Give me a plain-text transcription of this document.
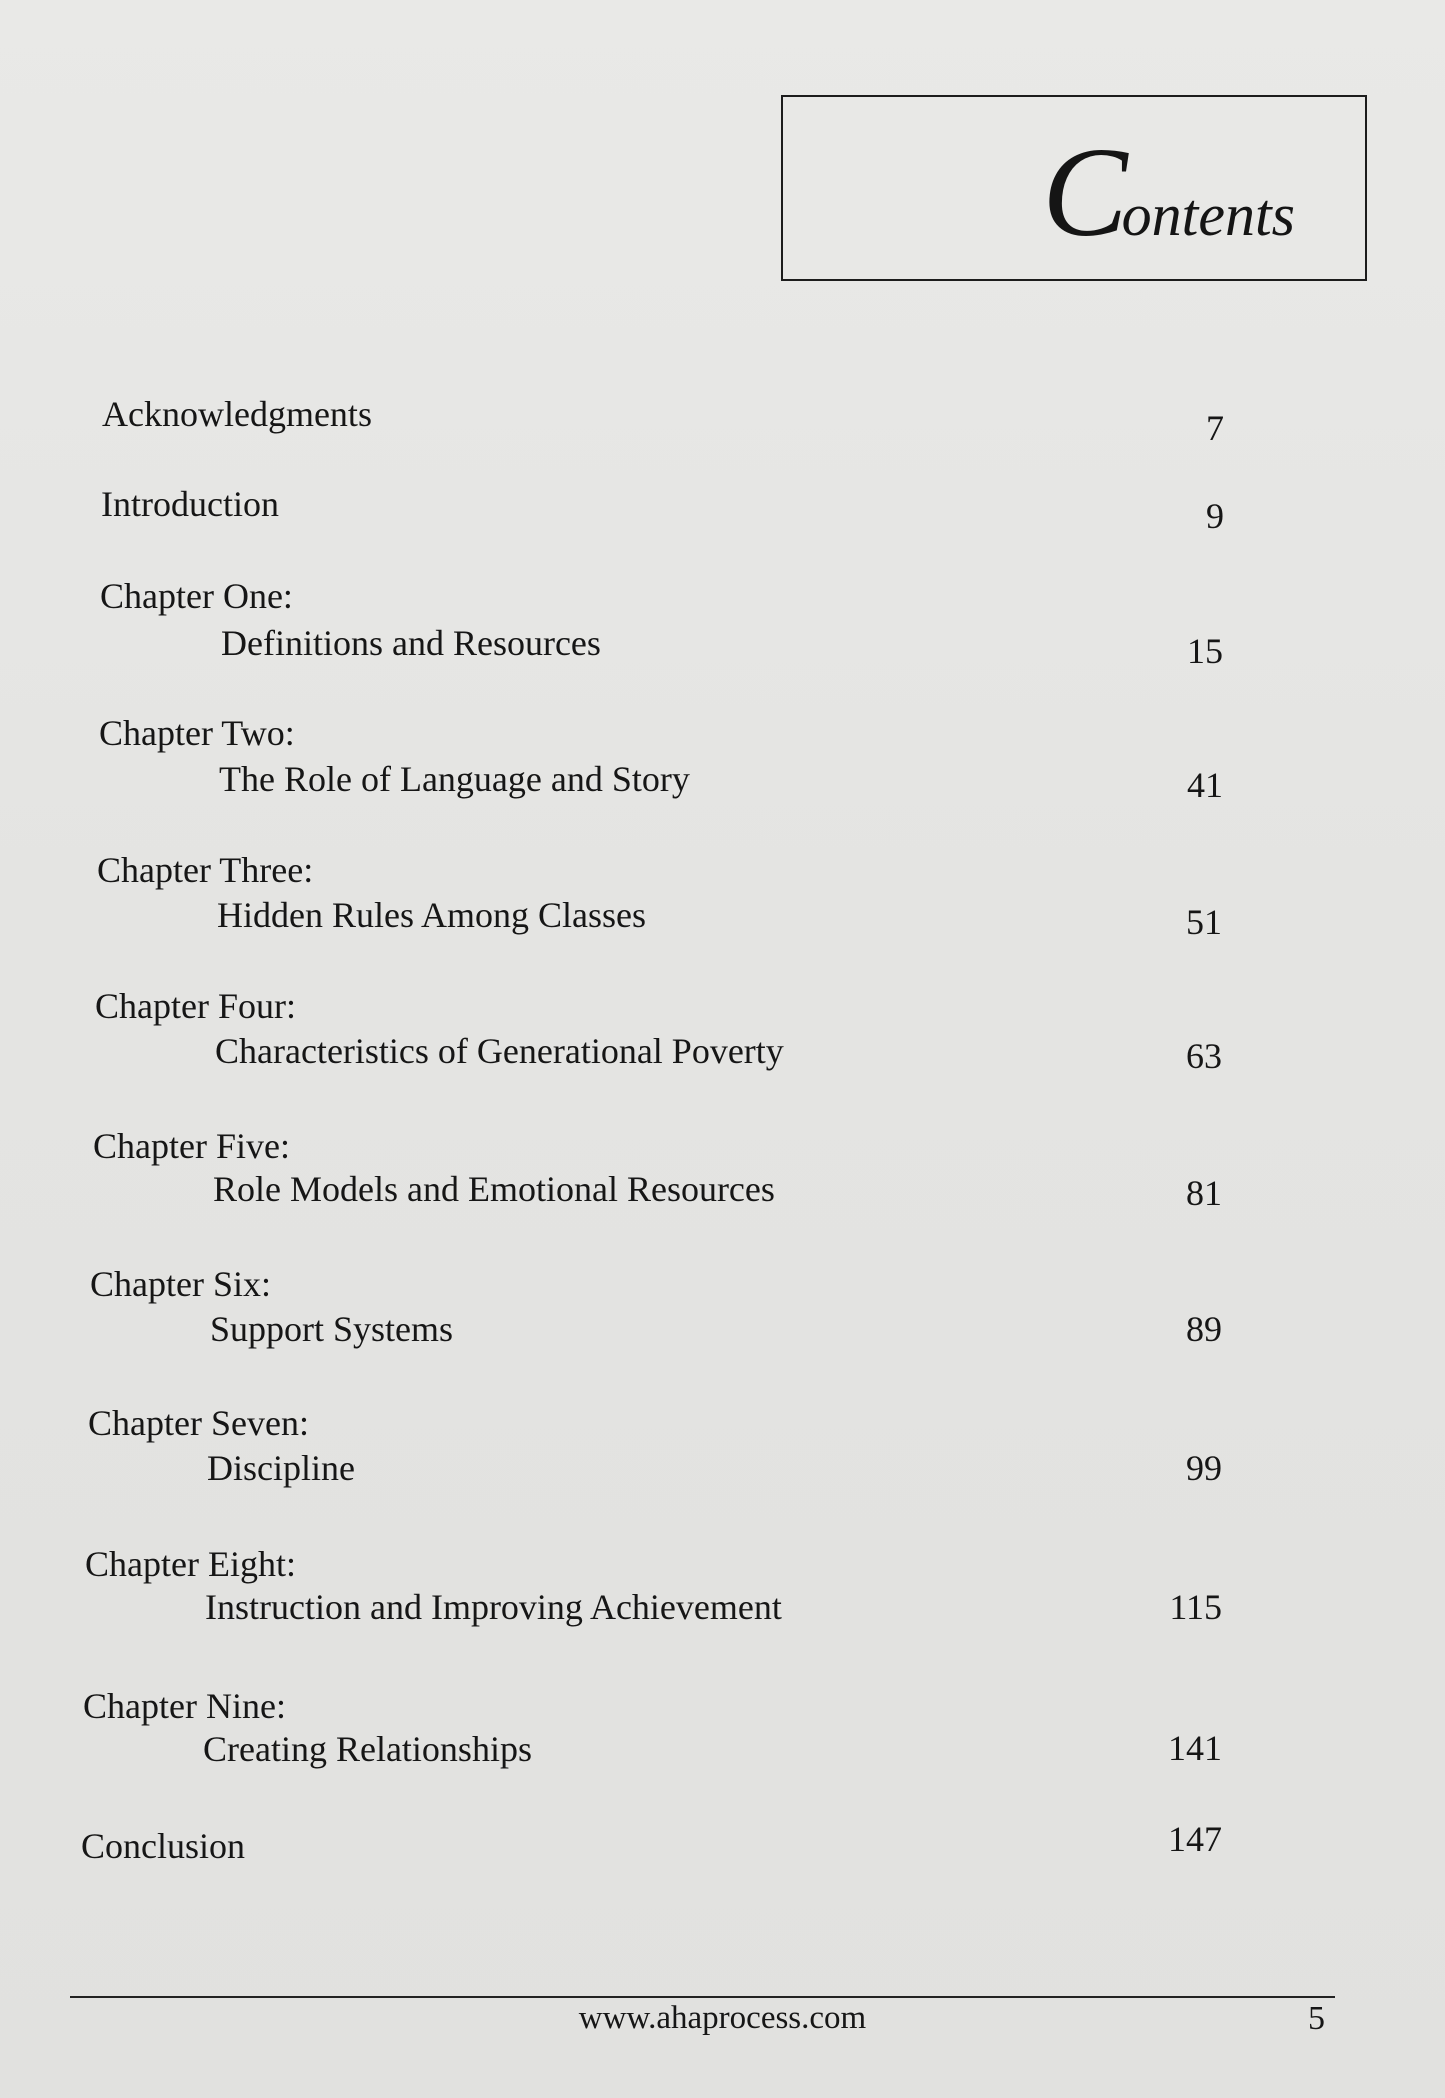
Contents
Acknowledgments	7
Introduction	9
Chapter One:
Definitions and Resources	15
Chapter Two:
The Role of Language and Story	41
Chapter Three:
Hidden Rules Among Classes	51
Chapter Four:
Characteristics of Generational Poverty	63
Chapter Five:
Role Models and Emotional Resources	81
Chapter Six:
Support Systems	89
Chapter Seven:
Discipline	99
Chapter Eight:
Instruction and Improving Achievement	115
Chapter Nine:
Creating Relationships	141
Conclusion	147
www.ahaprocess.com	5
